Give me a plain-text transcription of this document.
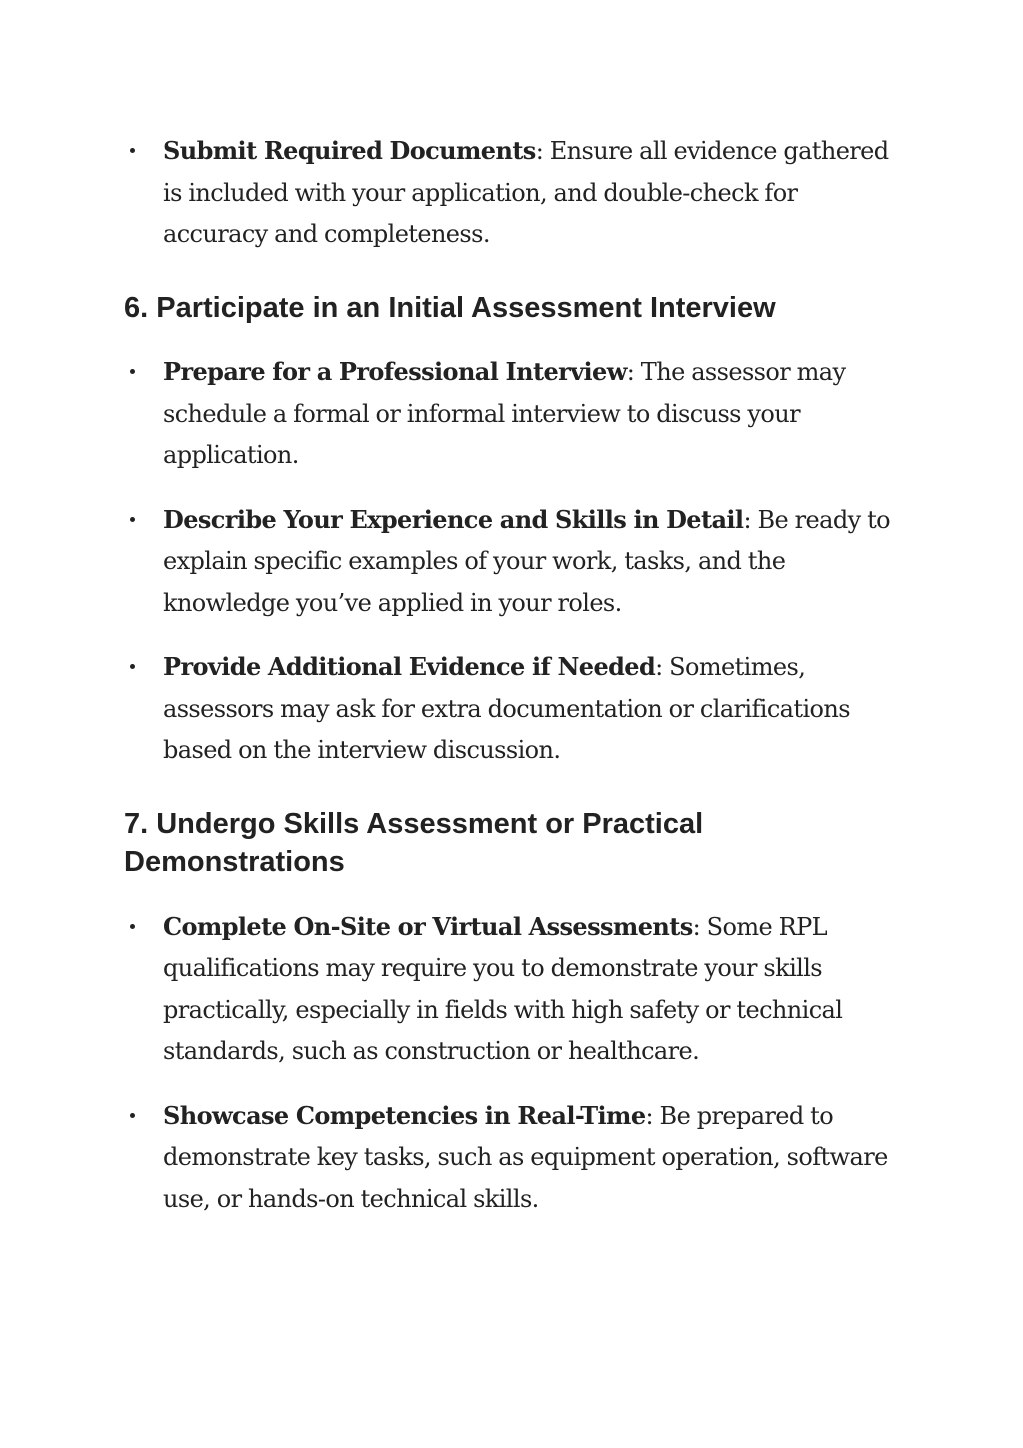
Submit Required Documents: Ensure all evidence gathered is included with your application, and double-check for accuracy and completeness.
6. Participate in an Initial Assessment Interview
Prepare for a Professional Interview: The assessor may schedule a formal or informal interview to discuss your application.
Describe Your Experience and Skills in Detail: Be ready to explain specific examples of your work, tasks, and the knowledge you’ve applied in your roles.
Provide Additional Evidence if Needed: Sometimes, assessors may ask for extra documentation or clarifications based on the interview discussion.
7. Undergo Skills Assessment or Practical Demonstrations
Complete On-Site or Virtual Assessments: Some RPL qualifications may require you to demonstrate your skills practically, especially in fields with high safety or technical standards, such as construction or healthcare.
Showcase Competencies in Real-Time: Be prepared to demonstrate key tasks, such as equipment operation, software use, or hands-on technical skills.
